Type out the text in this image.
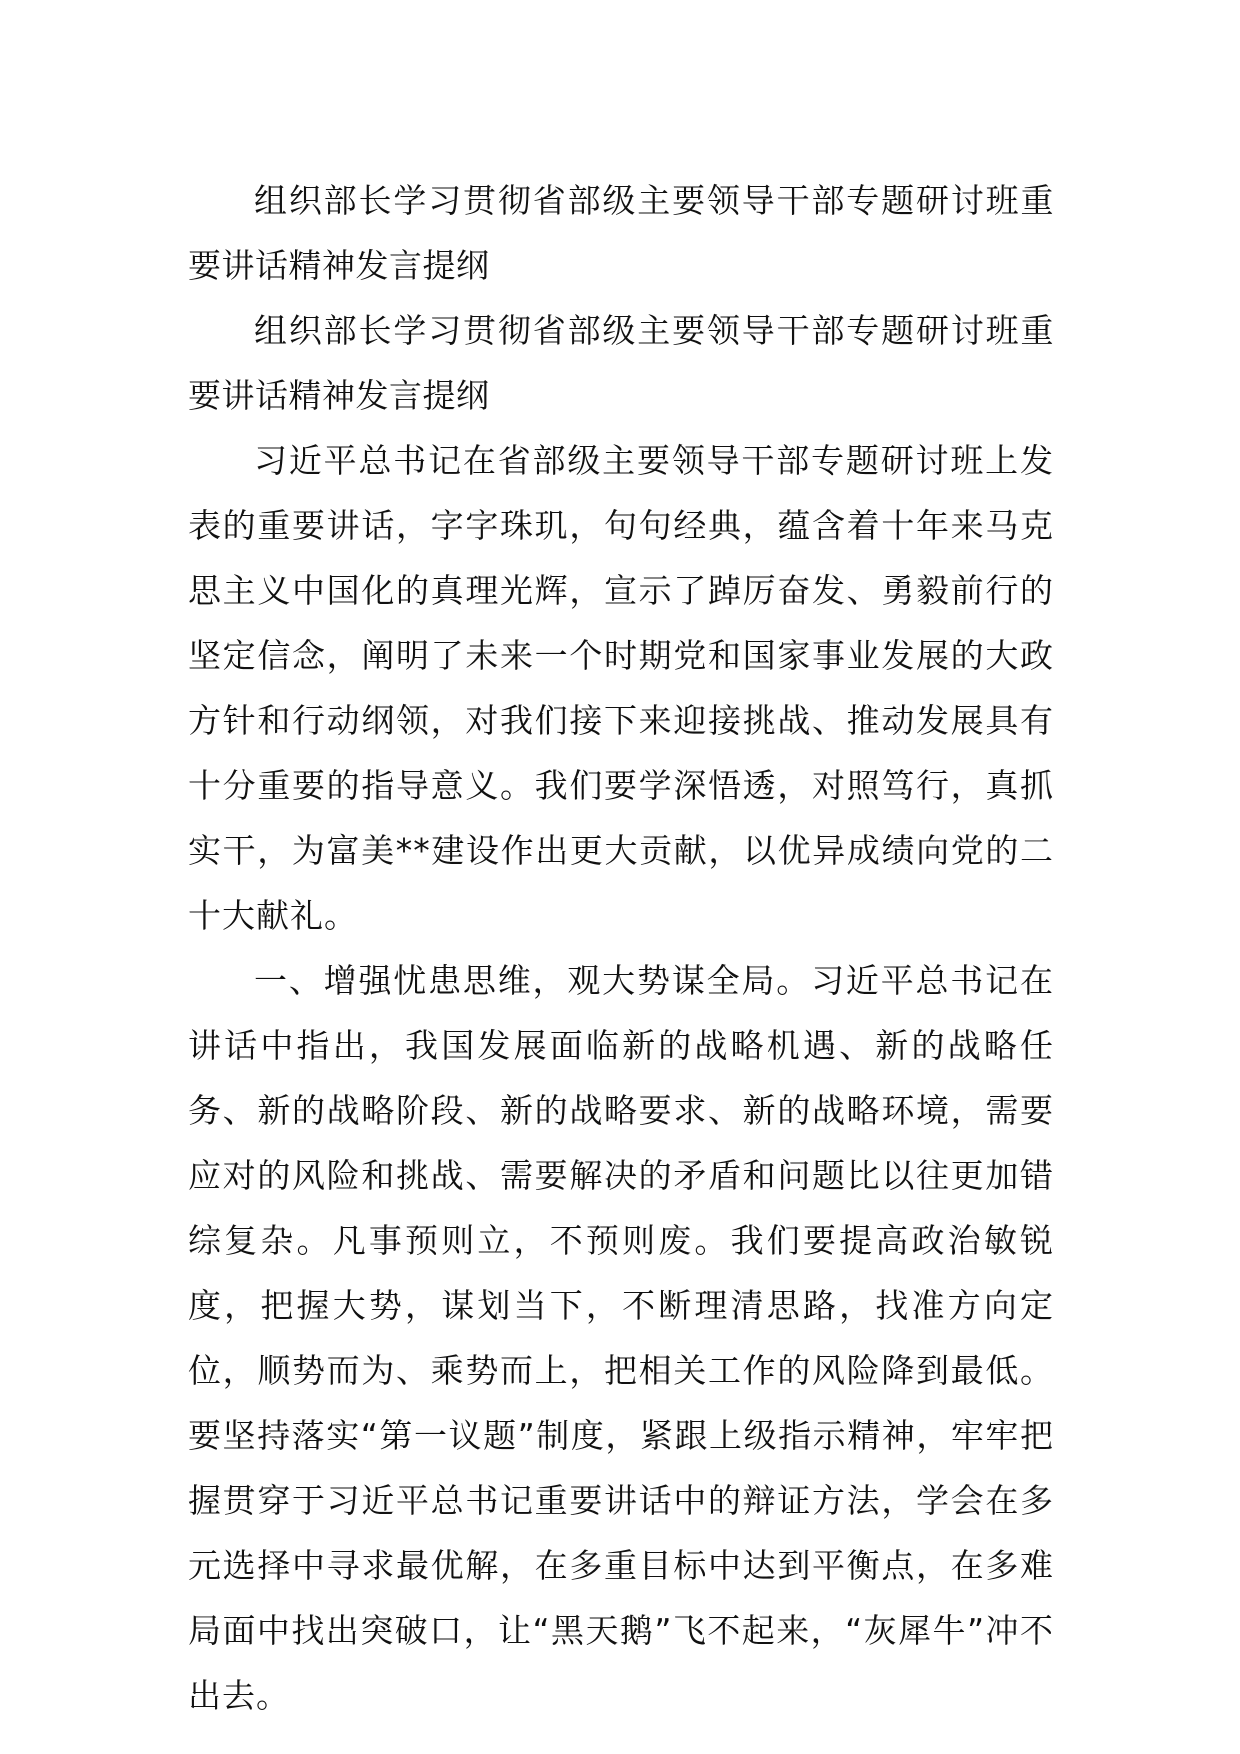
组织部长学习贯彻省部级主要领导干部专题研讨班重要讲话精神发言提纲

组织部长学习贯彻省部级主要领导干部专题研讨班重要讲话精神发言提纲

习近平总书记在省部级主要领导干部专题研讨班上发表的重要讲话，字字珠玑，句句经典，蕴含着十年来马克思主义中国化的真理光辉，宣示了踔厉奋发、勇毅前行的坚定信念，阐明了未来一个时期党和国家事业发展的大政方针和行动纲领，对我们接下来迎接挑战、推动发展具有十分重要的指导意义。我们要学深悟透，对照笃行，真抓实干，为富美**建设作出更大贡献，以优异成绩向党的二十大献礼。

一、增强忧患思维，观大势谋全局。习近平总书记在讲话中指出，我国发展面临新的战略机遇、新的战略任务、新的战略阶段、新的战略要求、新的战略环境，需要应对的风险和挑战、需要解决的矛盾和问题比以往更加错综复杂。凡事预则立，不预则废。我们要提高政治敏锐度，把握大势，谋划当下，不断理清思路，找准方向定位，顺势而为、乘势而上，把相关工作的风险降到最低。要坚持落实“第一议题”制度，紧跟上级指示精神，牢牢把握贯穿于习近平总书记重要讲话中的辩证方法，学会在多元选择中寻求最优解，在多重目标中达到平衡点，在多难局面中找出突破口，让“黑天鹅”飞不起来，“灰犀牛”冲不出去。
